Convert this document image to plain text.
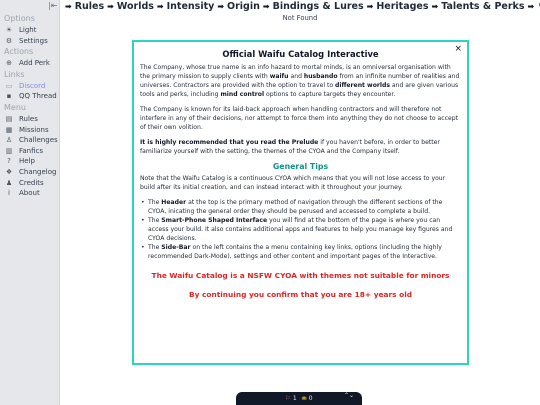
|⇤
Options
☀ Light
⚙ Settings
Actions
⊕ Add Perk
Links
▭ Discord
▪	QQ Thread
Menu
▤ Rules
▦ Missions
♙ Challenges
▥ Fanfics
?	Help
❖ Changelog
♟ Credits
i	About
➡ Rules ➡ Worlds ➡ Intensity ➡ Origin ➡ Bindings & Lures ➡ Heritages ➡ Talents & Perks ➡
Not Found
×
Official Waifu Catalog Interactive

The Company, whose true name is an info hazard to mortal minds, is an omniversal organisation with the primary mission to supply clients with waifu and husbando from an infinite number of realities and universes. Contractors are provided with the option to travel to different worlds and are given various tools and perks, including mind control options to capture targets they encounter.

The Company is known for its laid-back approach when handling contractors and will therefore not interfere in any of their decisions, nor attempt to force them into anything they do not choose to accept of their own volition.

It is highly recommended that you read the Prelude if you haven't before, in order to better familiarize yourself with the setting, the themes of the CYOA and the Company itself.

General Tips

Note that the Waifu Catalog is a continuous CYOA which means that you will not lose access to your build after its initial creation, and can instead interact with it throughout your journey.

• The Header at the top is the primary method of navigation through the different sections of the CYOA, inicating the general order they should be perused and accessed to complete a build.
• The Smart-Phone Shaped Interface you will find at the bottom of the page is where you can access your build. It also contains additional apps and features to help you manage key figures and CYOA decisions.
• The Side-Bar on the left contains the a menu containing key links, options (including the highly recommended Dark-Mode), settings and other content and important pages of the Interactive.
The Waifu Catalog is a NSFW CYOA with themes not suitable for minors
By continuing you confirm that you are 18+ years old
⚐ 1 ⛂ 0	⌃⌄
